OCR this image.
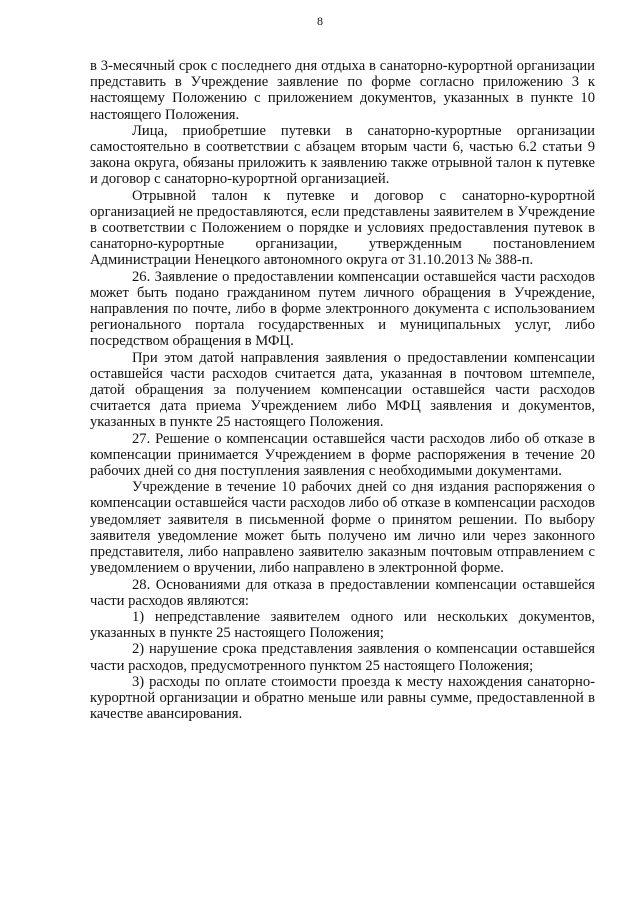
8

в 3-месячный срок с последнего дня отдыха в санаторно-курортной организации представить в Учреждение заявление по форме согласно приложению 3 к настоящему Положению с приложением документов, указанных в пункте 10 настоящего Положения.

Лица, приобретшие путевки в санаторно-курортные организации самостоятельно в соответствии с абзацем вторым части 6, частью 6.2 статьи 9 закона округа, обязаны приложить к заявлению также отрывной талон к путевке и договор с санаторно-курортной организацией.

Отрывной талон к путевке и договор с санаторно-курортной организацией не предоставляются, если представлены заявителем в Учреждение в соответствии с Положением о порядке и условиях предоставления путевок в санаторно-курортные организации, утвержденным постановлением Администрации Ненецкого автономного округа от 31.10.2013 № 388-п.

26. Заявление о предоставлении компенсации оставшейся части расходов может быть подано гражданином путем личного обращения в Учреждение, направления по почте, либо в форме электронного документа с использованием регионального портала государственных и муниципальных услуг, либо посредством обращения в МФЦ.

При этом датой направления заявления о предоставлении компенсации оставшейся части расходов считается дата, указанная в почтовом штемпеле, датой обращения за получением компенсации оставшейся части расходов считается дата приема Учреждением либо МФЦ заявления и документов, указанных в пункте 25 настоящего Положения.

27. Решение о компенсации оставшейся части расходов либо об отказе в компенсации принимается Учреждением в форме распоряжения в течение 20 рабочих дней со дня поступления заявления с необходимыми документами.

Учреждение в течение 10 рабочих дней со дня издания распоряжения о компенсации оставшейся части расходов либо об отказе в компенсации расходов уведомляет заявителя в письменной форме о принятом решении. По выбору заявителя уведомление может быть получено им лично или через законного представителя, либо направлено заявителю заказным почтовым отправлением с уведомлением о вручении, либо направлено в электронной форме.

28. Основаниями для отказа в предоставлении компенсации оставшейся части расходов являются:

1) непредставление заявителем одного или нескольких документов, указанных в пункте 25 настоящего Положения;

2) нарушение срока представления заявления о компенсации оставшейся части расходов, предусмотренного пунктом 25 настоящего Положения;

3) расходы по оплате стоимости проезда к месту нахождения санаторно-курортной организации и обратно меньше или равны сумме, предоставленной в качестве авансирования.
